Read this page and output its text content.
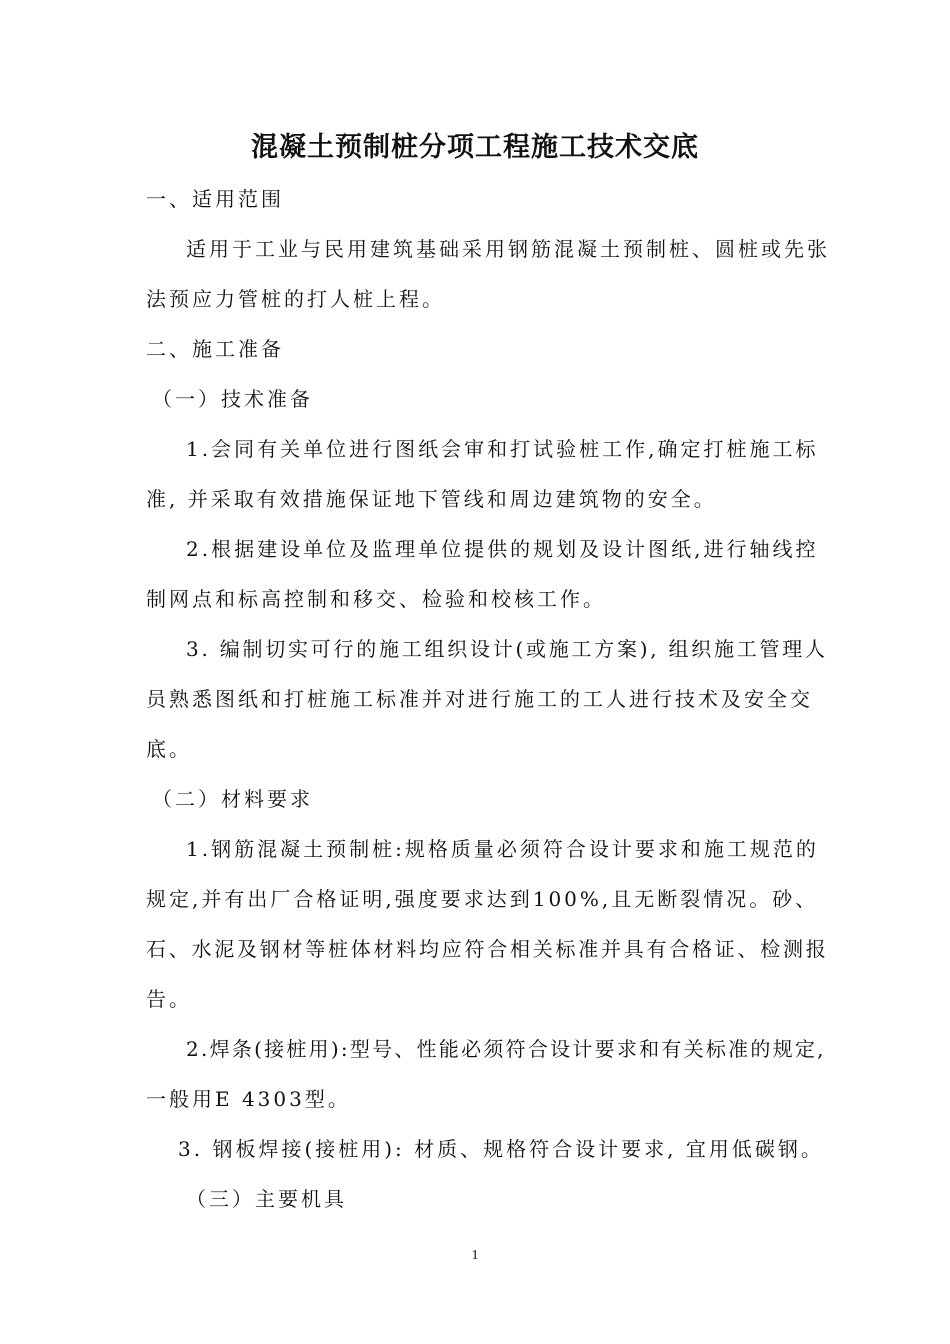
混凝土预制桩分项工程施工技术交底
一、适用范围
适用于工业与民用建筑基础采用钢筋混凝土预制桩、圆桩或先张
法预应力管桩的打人桩上程。
二、施工准备
（一）技术准备
1.会同有关单位进行图纸会审和打试验桩工作,确定打桩施工标
准, 并采取有效措施保证地下管线和周边建筑物的安全。
2.根据建设单位及监理单位提供的规划及设计图纸,进行轴线控
制网点和标高控制和移交、检验和校核工作。
3. 编制切实可行的施工组织设计(或施工方案), 组织施工管理人
员熟悉图纸和打桩施工标准并对进行施工的工人进行技术及安全交
底。
（二）材料要求
1.钢筋混凝土预制桩:规格质量必须符合设计要求和施工规范的
规定,并有出厂合格证明,强度要求达到100%,且无断裂情况。砂、
石、水泥及钢材等桩体材料均应符合相关标准并具有合格证、检测报
告。
2.焊条(接桩用):型号、性能必须符合设计要求和有关标准的规定,
一般用E 4303型。
3. 钢板焊接(接桩用): 材质、规格符合设计要求, 宜用低碳钢。
（三）主要机具
1
